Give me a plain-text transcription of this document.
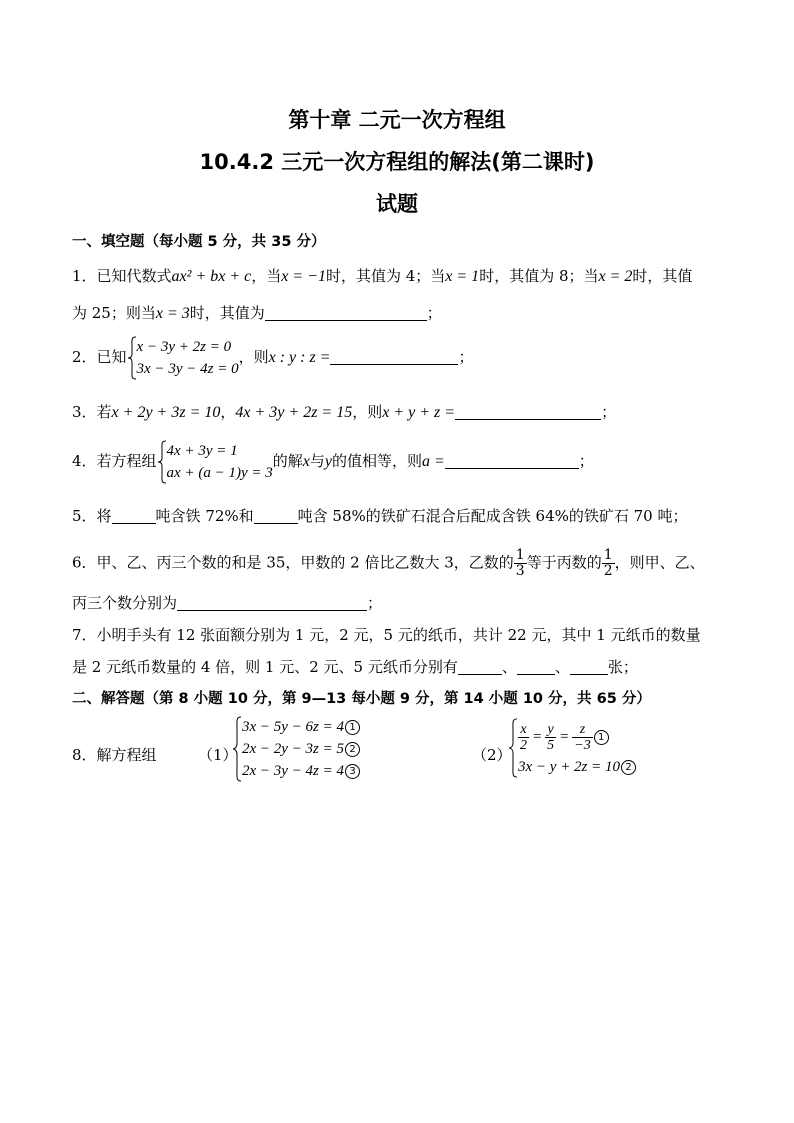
第十章 二元一次方程组
10.4.2 三元一次方程组的解法(第二课时)
试题
一、填空题（每小题 5 分，共 35 分）
1．已知代数式ax² + bx + c，当x = −1时，其值为 4；当x = 1时，其值为 8；当x = 2时，其值
为 25；则当x = 3时，其值为	；
2．已知
x − 3y + 2z = 0
3x − 3y − 4z = 0
，则x : y : z =	；
3．若x + 2y + 3z = 10，4x + 3y + 2z = 15，则x + y + z =	；
4．若方程组
4x + 3y = 1
ax + (a − 1)y = 3
的解x与y的值相等，则a =	；
5．将	吨含铁 72%和	吨含 58%的铁矿石混合后配成含铁 64%的铁矿石 70 吨；
6．甲、乙、丙三个数的和是 35，甲数的 2 倍比乙数大 3，乙数的 $\frac{1}{3}$ 等于丙数的 $\frac{1}{2}$ ，则甲、乙、
丙三个数分别为	；
7．小明手头有 12 张面额分别为 1 元，2 元，5 元的纸币，共计 22 元，其中 1 元纸币的数量
是 2 元纸币数量的 4 倍，则 1 元、2 元、5 元纸币分别有	、	、	张；
二、解答题（第 8 小题 10 分，第 9—13 每小题 9 分，第 14 小题 10 分，共 65 分）
8．解方程组	（1）
3x − 5y − 6z = 4 1
2x − 2y − 3z = 5 2
2x − 3y − 4z = 4 3
（2）
$\frac{x}{2} = \frac{y}{5} = \frac{z}{-3} 1$
3x − y + 2z = 10 2
